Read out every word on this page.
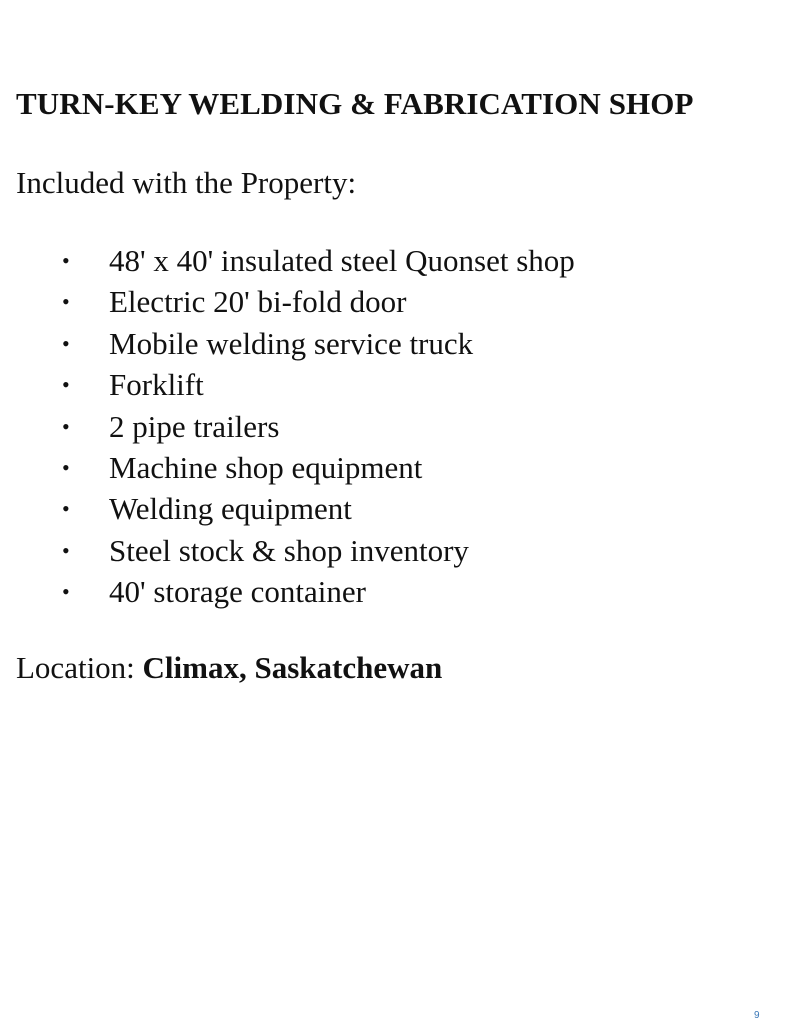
TURN-KEY WELDING & FABRICATION SHOP

Included with the Property:

• 48' x 40' insulated steel Quonset shop
• Electric 20' bi-fold door
• Mobile welding service truck
• Forklift
• 2 pipe trailers
• Machine shop equipment
• Welding equipment
• Steel stock & shop inventory
• 40' storage container

Location: Climax, Saskatchewan

9
